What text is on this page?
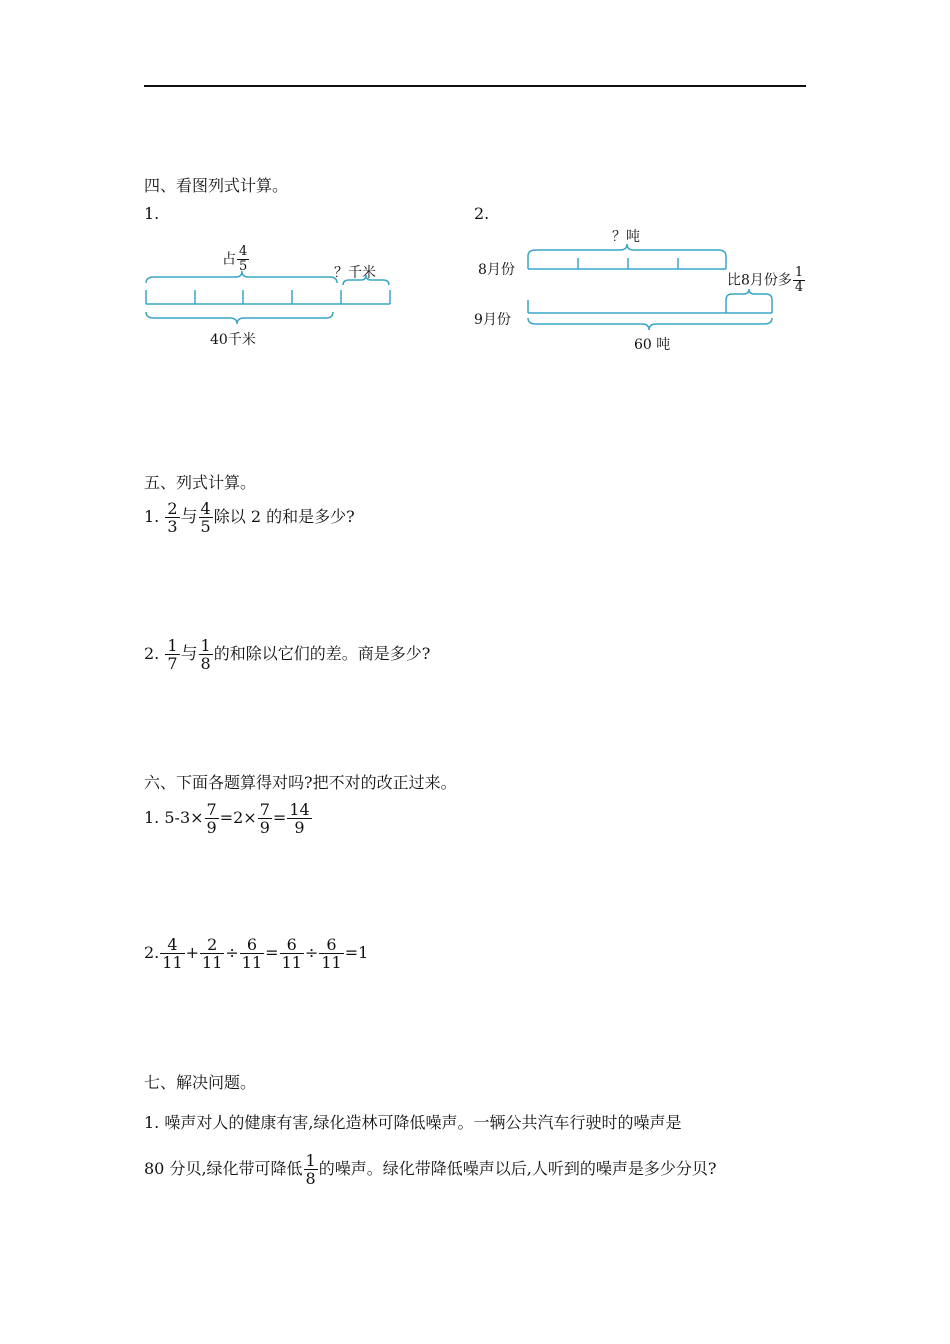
四、看图列式计算。
1.	2.
占 $\frac{4}{5}$	？千米
40千米
？吨
8月份
9月份
比8月份多 $\frac{1}{4}$
60 吨
五、列式计算。
1. $\frac{2}{3}$ 与 $\frac{4}{5}$ 除以 2 的和是多少?
2. $\frac{1}{7}$ 与 $\frac{1}{8}$ 的和除以它们的差。商是多少?
六、下面各题算得对吗?把不对的改正过来。
1. $5-3\times \frac{7}{9} =2\times \frac{7}{9} = \frac{14}{9}$
2. $\frac{4}{11} + \frac{2}{11} \div \frac{6}{11} = \frac{6}{11} \div \frac{6}{11} =1$
七、解决问题。
1. 噪声对人的健康有害,绿化造林可降低噪声。一辆公共汽车行驶时的噪声是
80 分贝,绿化带可降低 $\frac{1}{8}$ 的噪声。绿化带降低噪声以后,人听到的噪声是多少分贝?
